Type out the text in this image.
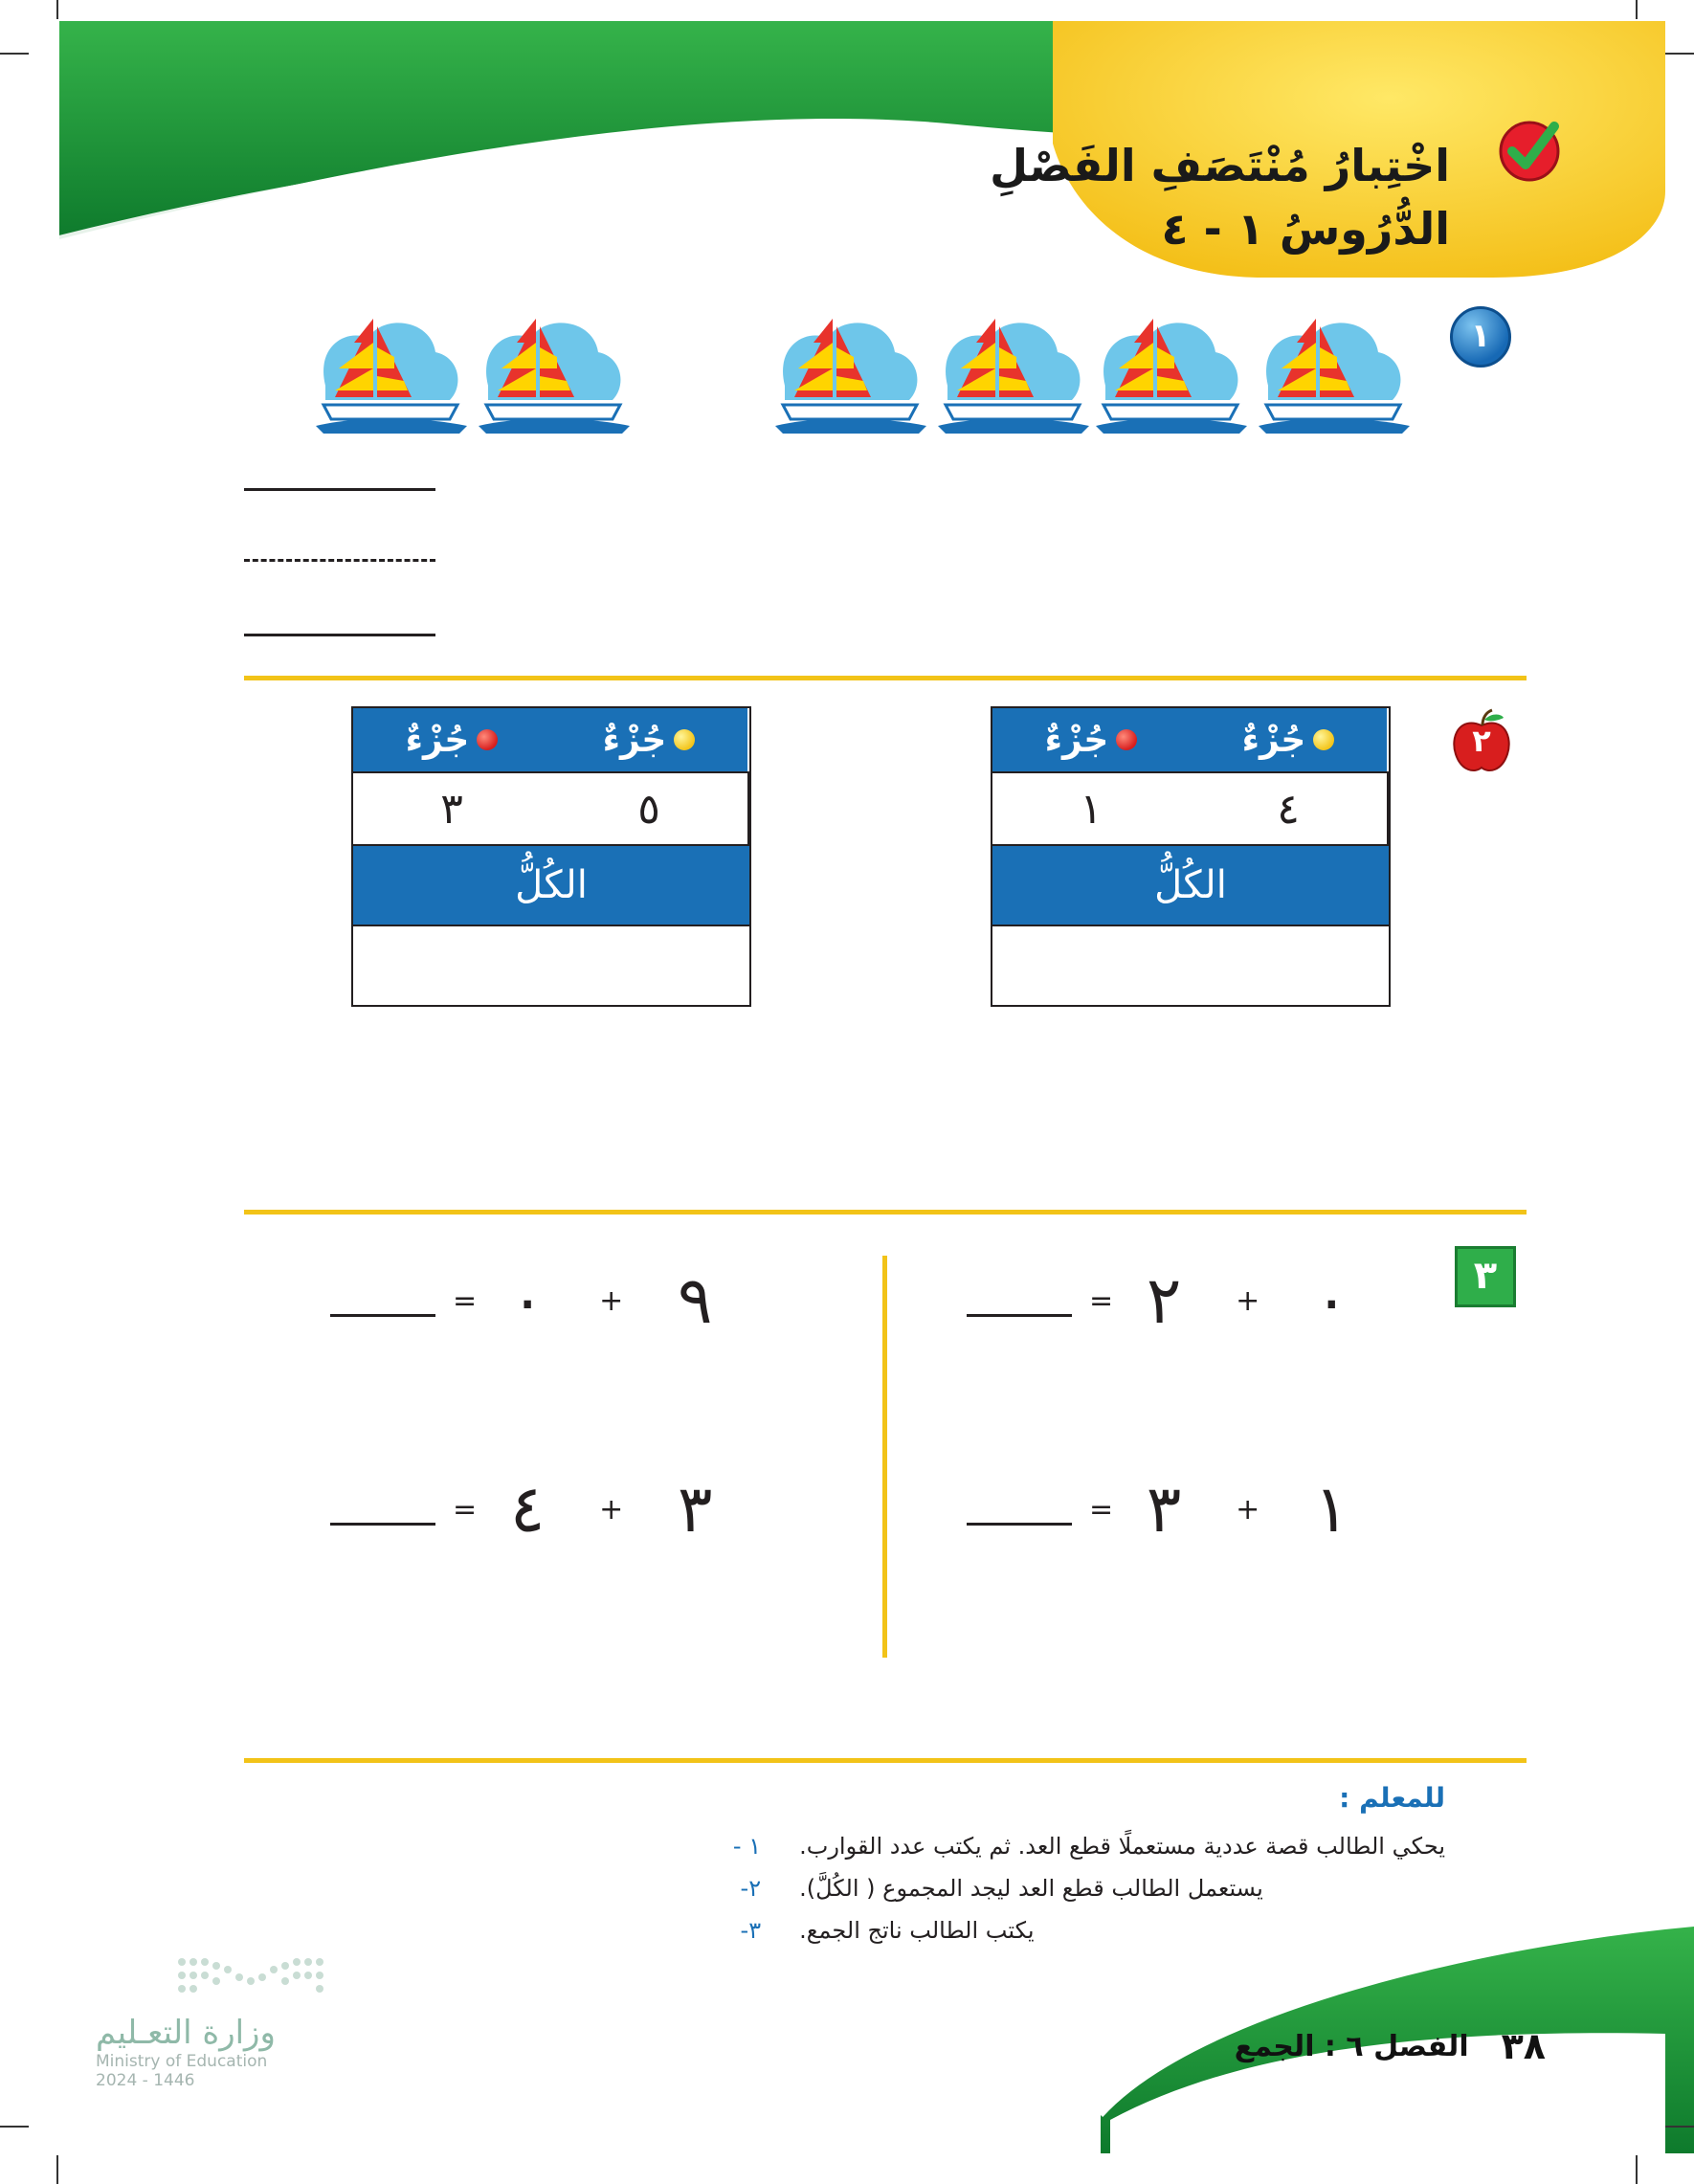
اخْتِبارُ مُنْتَصَفِ الفَصْلِ
الدُّرُوسُ ١ - ٤
١
٢
جُزْءٌ	جُزْءٌ
١	٤
الكُلُّ
جُزْءٌ	جُزْءٌ
٣	٥
الكُلُّ
٣
= ٢	+ ٠
= ٠	+ ٩
= ٣	+ ١
= ٤	+ ٣
للمعلم :
١ - يحكي الطالب قصة عددية مستعملًا قطع العد. ثم يكتب عدد القوارب.
٢- يستعمل الطالب قطع العد ليجد المجموع ( الكُلَّ).
٣- يكتب الطالب ناتج الجمع.
٣٨
الفصل ٦ : الجمع
وزارة التعـليم
Ministry of Education
2024 - 1446
